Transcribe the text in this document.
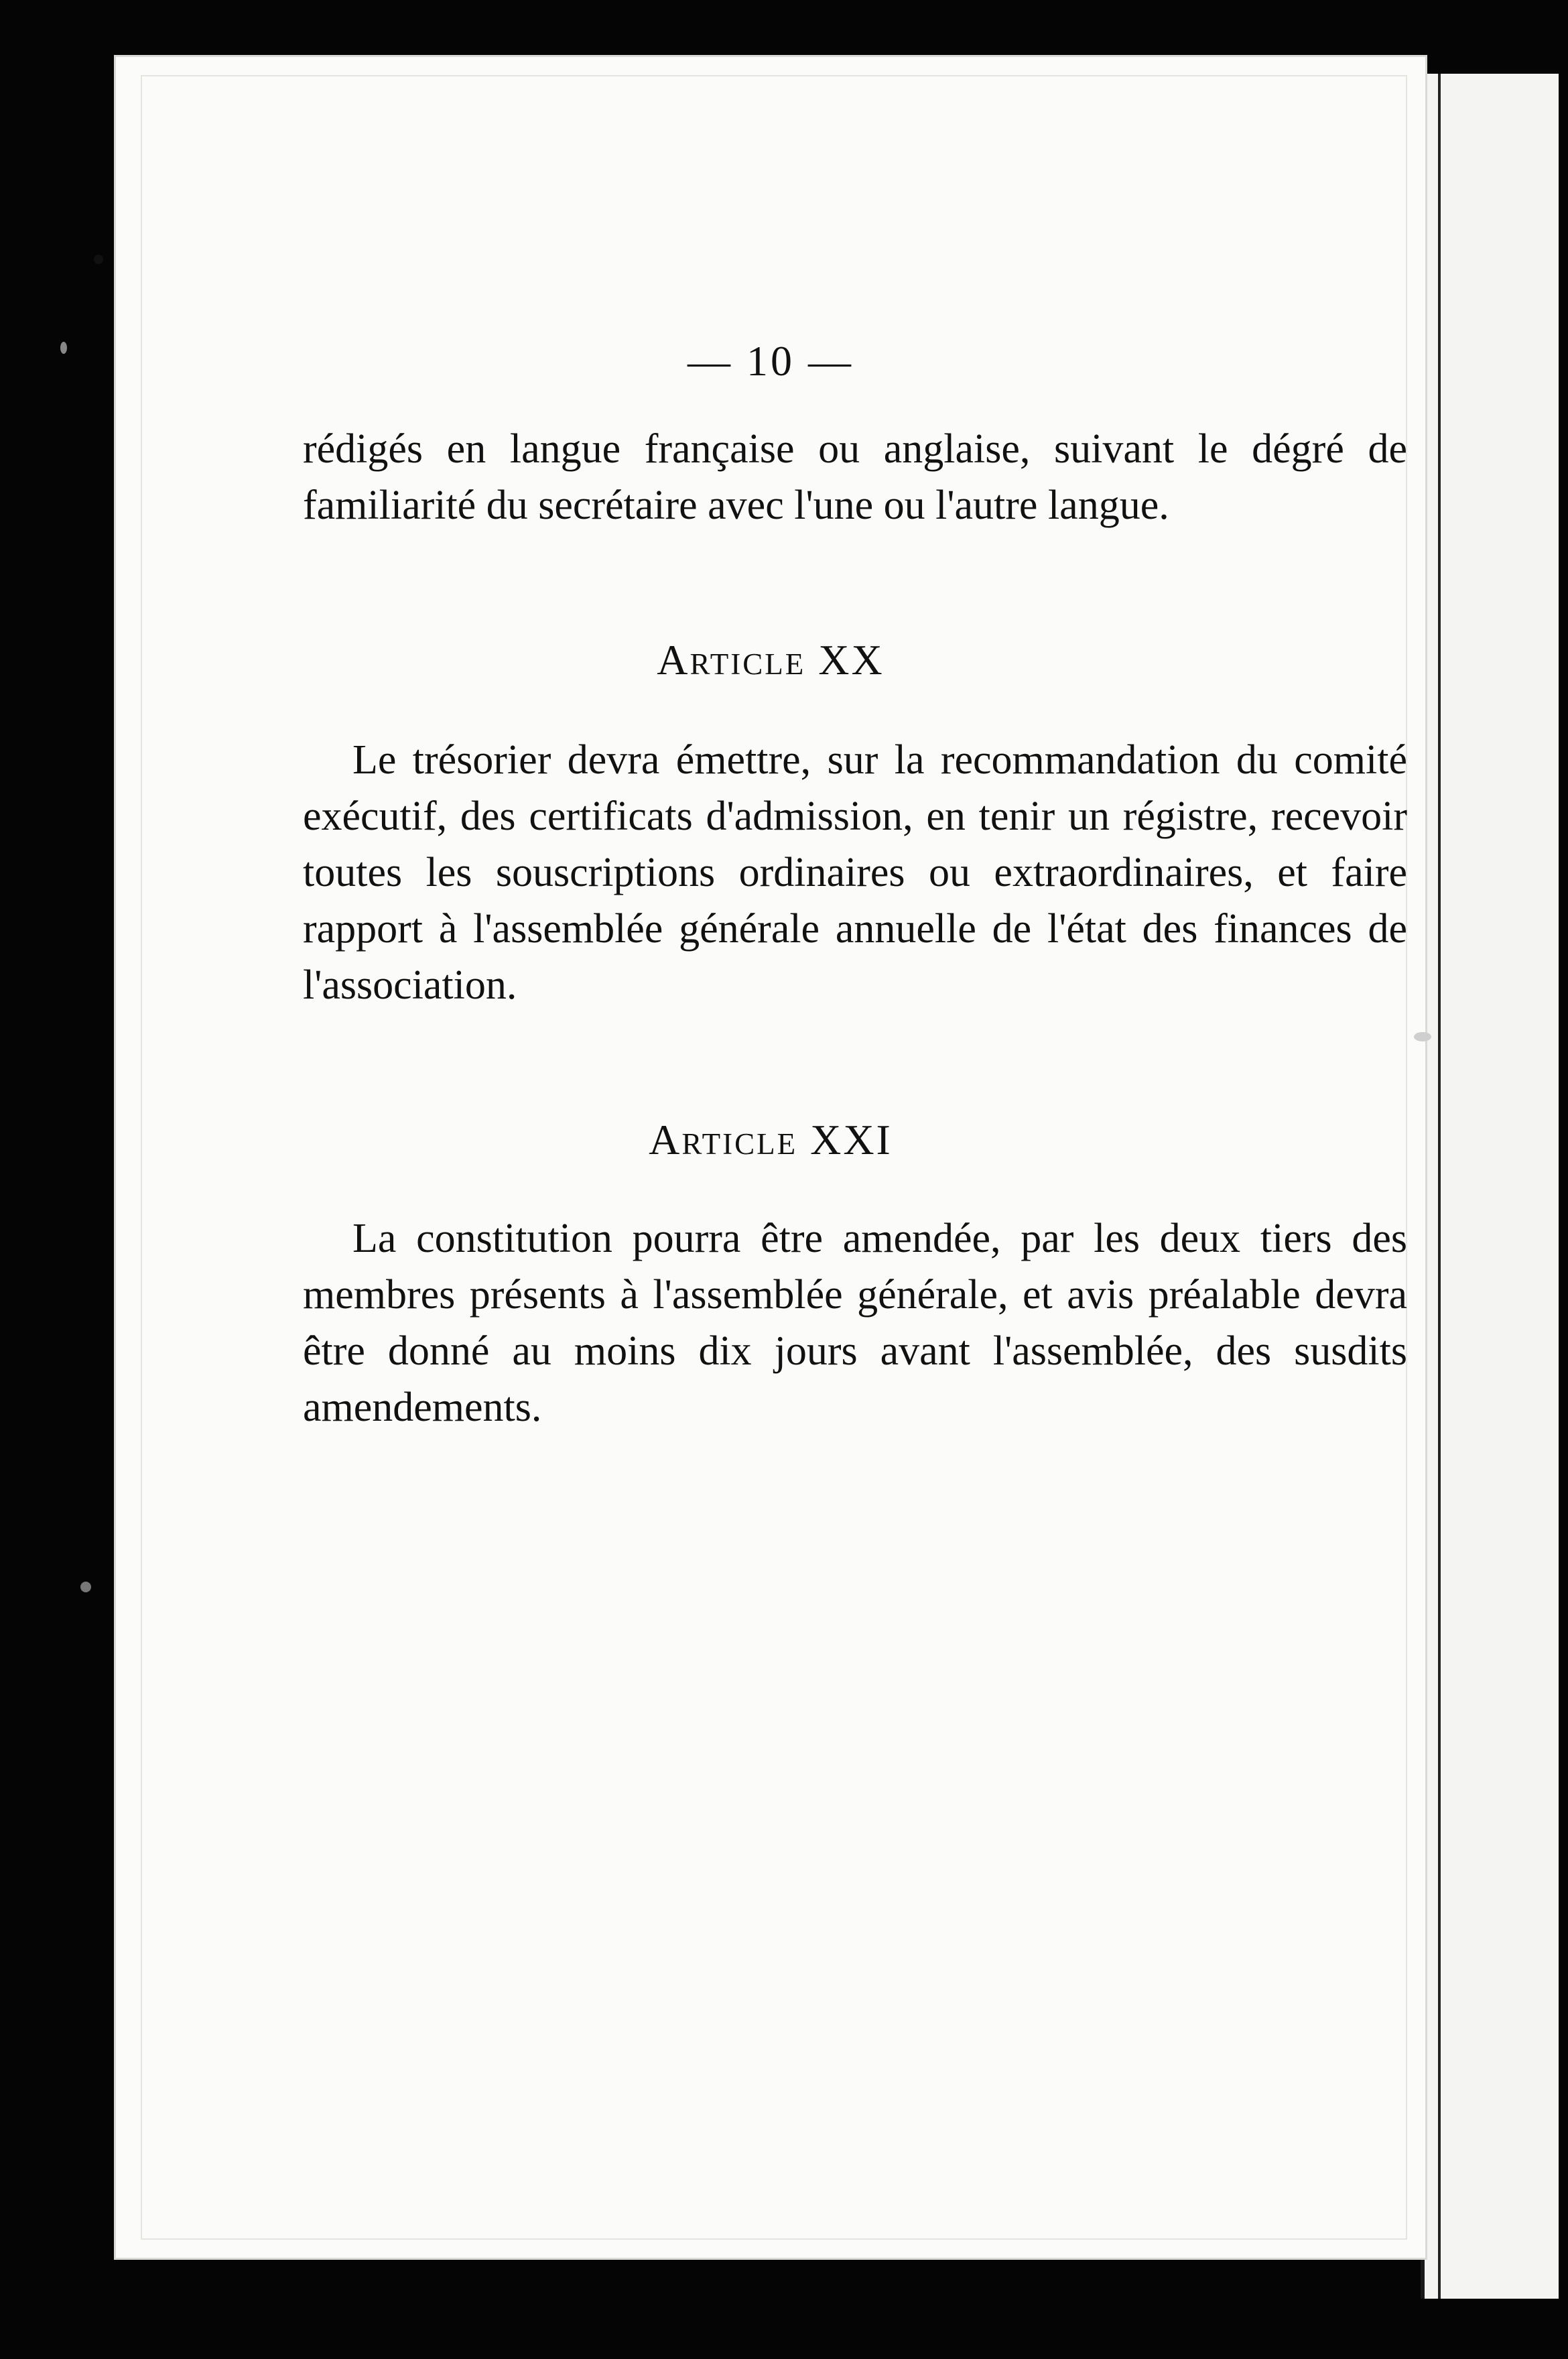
— 10 —

rédigés en langue française ou anglaise, suivant le dégré de familiarité du secrétaire avec l'une ou l'autre langue.

Article XX

Le trésorier devra émettre, sur la recommandation du comité exécutif, des certificats d'admission, en tenir un régistre, recevoir toutes les souscriptions ordinaires ou extraordinaires, et faire rapport à l'assemblée générale annuelle de l'état des finances de l'association.

Article XXI

La constitution pourra être amendée, par les deux tiers des membres présents à l'assemblée générale, et avis préalable devra être donné au moins dix jours avant l'assemblée, des susdits amendements.
